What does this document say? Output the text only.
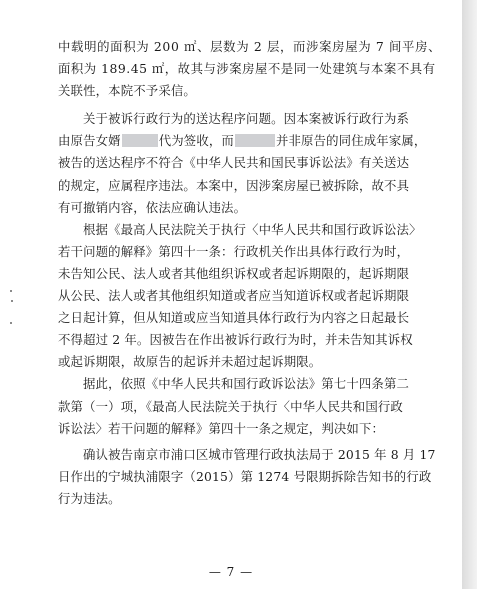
中载明的面积为 200 ㎡、层数为 2 层，而涉案房屋为 7 间平房、
面积为 189.45 ㎡，故其与涉案房屋不是同一处建筑与本案不具有
关联性，本院不予采信。
关于被诉行政行为的送达程序问题。因本案被诉行政行为系
由原告女婿	代为签收，而	并非原告的同住成年家属，
被告的送达程序不符合《中华人民共和国民事诉讼法》有关送达
的规定，应属程序违法。本案中，因涉案房屋已被拆除，故不具
有可撤销内容，依法应确认违法。
根据《最高人民法院关于执行〈中华人民共和国行政诉讼法〉
若干问题的解释》第四十一条：行政机关作出具体行政行为时，
未告知公民、法人或者其他组织诉权或者起诉期限的，起诉期限
从公民、法人或者其他组织知道或者应当知道诉权或者起诉期限
之日起计算，但从知道或应当知道具体行政行为内容之日起最长
不得超过 2 年。因被告在作出被诉行政行为时，并未告知其诉权
或起诉期限，故原告的起诉并未超过起诉期限。
据此，依照《中华人民共和国行政诉讼法》第七十四条第二
款第（一）项，《最高人民法院关于执行〈中华人民共和国行政
诉讼法〉若干问题的解释》第四十一条之规定，判决如下：
确认被告南京市浦口区城市管理行政执法局于 2015 年 8 月 17
日作出的宁城执浦限字（2015）第 1274 号限期拆除告知书的行政
行为违法。
— 7 —
